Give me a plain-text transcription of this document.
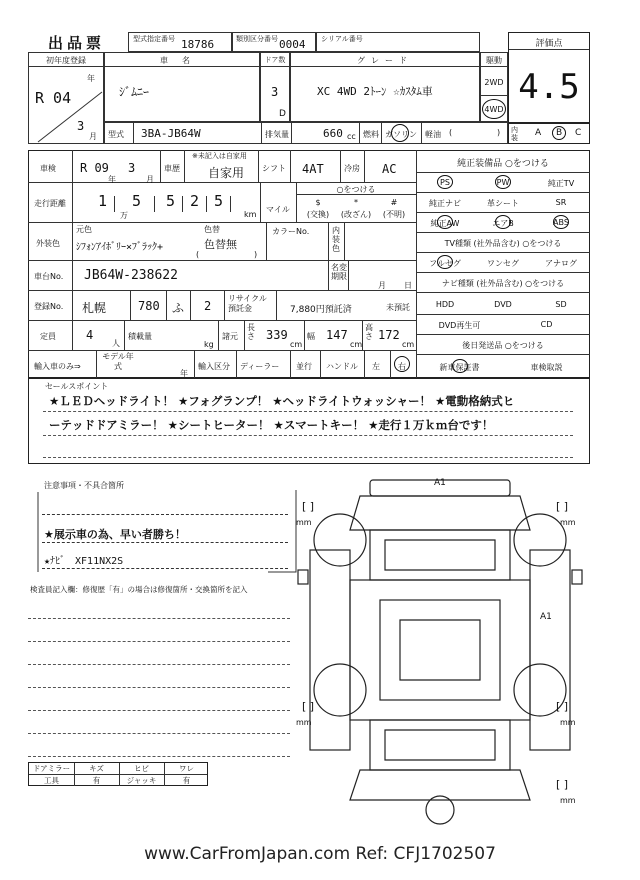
出品票	型式指定番号 18786	類別区分番号 0004 シリアル番号	評価点
4.5
内装	A B C
初年度登録
年
R 04
3
月
車名
ｼﾞﾑﾆｰ
ドア数
3
D
グレード
XC 4WD 2ﾄｰﾝ ☆ｶｽﾀﾑ車
駆動
2WD
4WD
型式 3BA-JB64W	排気量	660 cc 燃料 ガソリン 軽油 (	)
車検 R 09
年
3
月
車歴
※未記入は自家用
自家用 シフト 4AT	冷房 AC
走行距離 1 5 5 2 5
万	km
マイル
○をつける
$
(交換)
*
(改ざん)
#
(不明)
元色
外装色 ｼﾌｫﾝｱｲﾎﾞﾘｰ×ﾌﾞﾗｯｸ+
色替
色替無
(	)
カラーNo.	内装色
車台No. JB64W-238622
名変期限
月 日
登録No. 札幌	780 ふ 2
リサイクル預託金	7,880円預託済	未預託
定員	4
人
積載量
kg
諸元
長さ 339
cm
幅 147
cm
高さ 172
cm
輸入車のみ⇒
モデル年式
年
輸入区分 ディーラー 並行 ハンドル 左 右
純正装備品 ○をつける
PS	PW	純正TV
純正ナビ	革シート	SR
純正AW	エアB	ABS
TV種類 (社外品含む) ○をつける
フルセグ	ワンセグ	アナログ
ナビ種類 (社外品含む) ○をつける
HDD	DVD	SD
DVD再生可	CD
後日発送品 ○をつける
新車保証書	車検取説
セールスポイント
★ＬＥＤヘッドライト！ ★フォグランプ！ ★ヘッドライトウォッシャー！ ★電動格納式ヒ
ーテッドドアミラー！ ★シートヒーター！ ★スマートキー！ ★走行１万ｋｍ台です！
注意事項・不具合箇所
★展示車の為、早い者勝ち！
★ﾅﾋﾞ　XF11NX2S
検査員記入欄：修復歴「有」の場合は修復箇所・交換箇所を記入
ドアミラー	キズ	ヒビ	ワレ
工具	有	ジャッキ	有
A1
A1
[ ]
mm
[ ]
mm
[ ]
mm
[ ]
mm
[ ]
mm
www.CarFromJapan.com Ref: CFJ1702507
